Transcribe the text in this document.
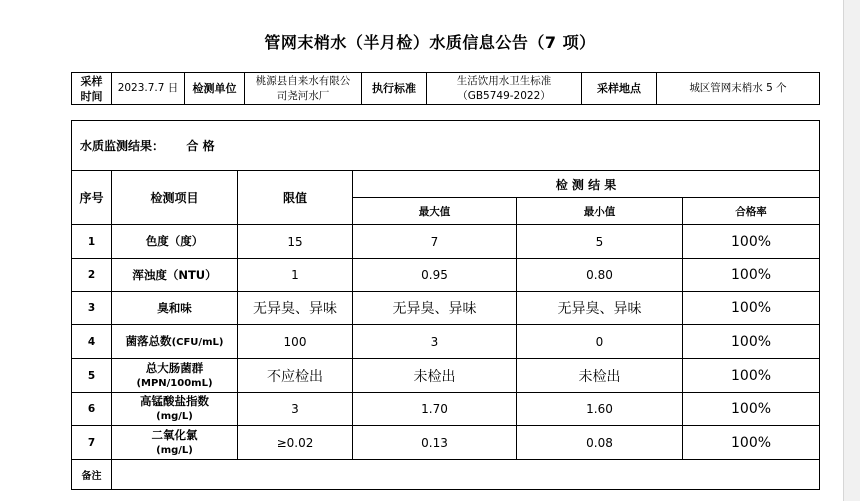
管网末梢水（半月检）水质信息公告（7 项）
采样
时间
	2023.7.7 日	检测单位	
桃源县自来水有限公
司尧河水厂
	执行标准	
生活饮用水卫生标准
（GB5749-2022）
	采样地点	城区管网末梢水 5 个
水质监测结果： 合 格					
序号	检测项目	限值	检 测 结 果		
			最大值	最小值	合格率
1	色度（度）	15	7	5	100%
2	浑浊度（NTU）	1	0.95	0.80	100%
3	臭和味	无异臭、异味	无异臭、异味	无异臭、异味	100%
4	菌落总数(CFU/mL)	100	3	0	100%
5	总大肠菌群
(MPN/100mL)	不应检出	未检出	未检出	100%
6	高锰酸盐指数
(mg/L)	3	1.70	1.60	100%
7	二氧化氯
(mg/L)	≥0.02	0.13	0.08	100%
备注					
